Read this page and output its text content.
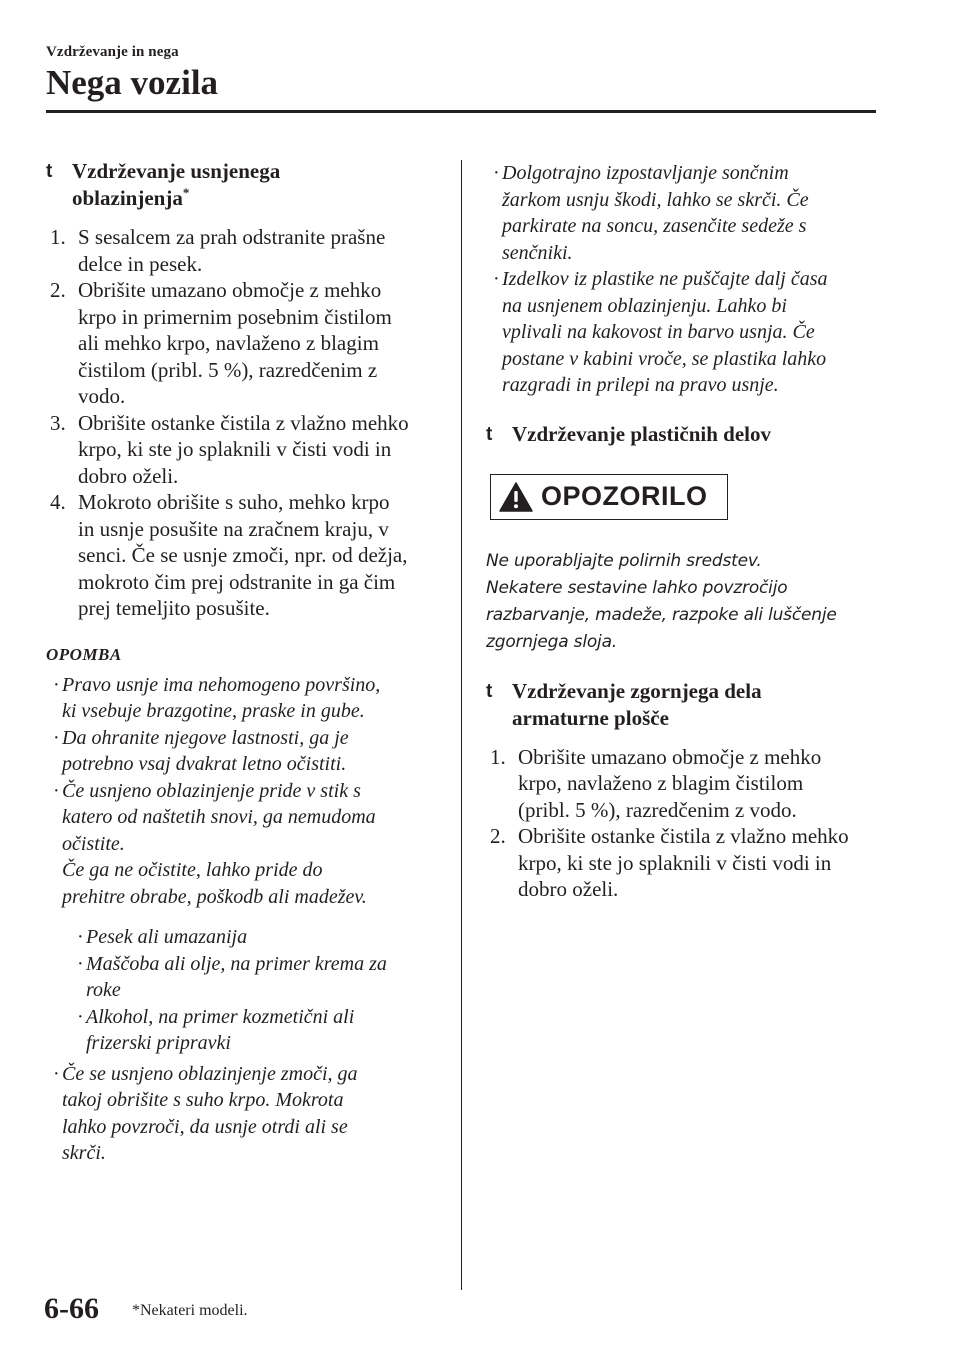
Vzdrževanje in nega
Nega vozila
t Vzdrževanje usnjenega
oblazinjenja*
1. S sesalcem za prah odstranite prašne
delce in pesek.
2. Obrišite umazano območje z mehko
krpo in primernim posebnim čistilom
ali mehko krpo, navlaženo z blagim
čistilom (pribl. 5 %), razredčenim z
vodo.
3. Obrišite ostanke čistila z vlažno mehko
krpo, ki ste jo splaknili v čisti vodi in
dobro oželi.
4. Mokroto obrišite s suho, mehko krpo
in usnje posušite na zračnem kraju, v
senci. Če se usnje zmoči, npr. od dežja,
mokroto čim prej odstranite in ga čim
prej temeljito posušite.
OPOMBA
· Pravo usnje ima nehomogeno površino,
ki vsebuje brazgotine, praske in gube.
· Da ohranite njegove lastnosti, ga je
potrebno vsaj dvakrat letno očistiti.
· Če usnjeno oblazinjenje pride v stik s
katero od naštetih snovi, ga nemudoma
očistite.
Če ga ne očistite, lahko pride do
prehitre obrabe, poškodb ali madežev.
· Pesek ali umazanija
· Maščoba ali olje, na primer krema za
roke
· Alkohol, na primer kozmetični ali
frizerski pripravki
· Če se usnjeno oblazinjenje zmoči, ga
takoj obrišite s suho krpo. Mokrota
lahko povzroči, da usnje otrdi ali se
skrči.
· Dolgotrajno izpostavljanje sončnim
žarkom usnju škodi, lahko se skrči. Če
parkirate na soncu, zasenčite sedeže s
senčniki.
· Izdelkov iz plastike ne puščajte dalj časa
na usnjenem oblazinjenju. Lahko bi
vplivali na kakovost in barvo usnja. Če
postane v kabini vroče, se plastika lahko
razgradi in prilepi na pravo usnje.
t Vzdrževanje plastičnih delov
OPOZORILO
Ne uporabljajte polirnih sredstev.
Nekatere sestavine lahko povzročijo
razbarvanje, madeže, razpoke ali luščenje
zgornjega sloja.
t Vzdrževanje zgornjega dela
armaturne plošče
1. Obrišite umazano območje z mehko
krpo, navlaženo z blagim čistilom
(pribl. 5 %), razredčenim z vodo.
2. Obrišite ostanke čistila z vlažno mehko
krpo, ki ste jo splaknili v čisti vodi in
dobro oželi.
6-66 *Nekateri modeli.
